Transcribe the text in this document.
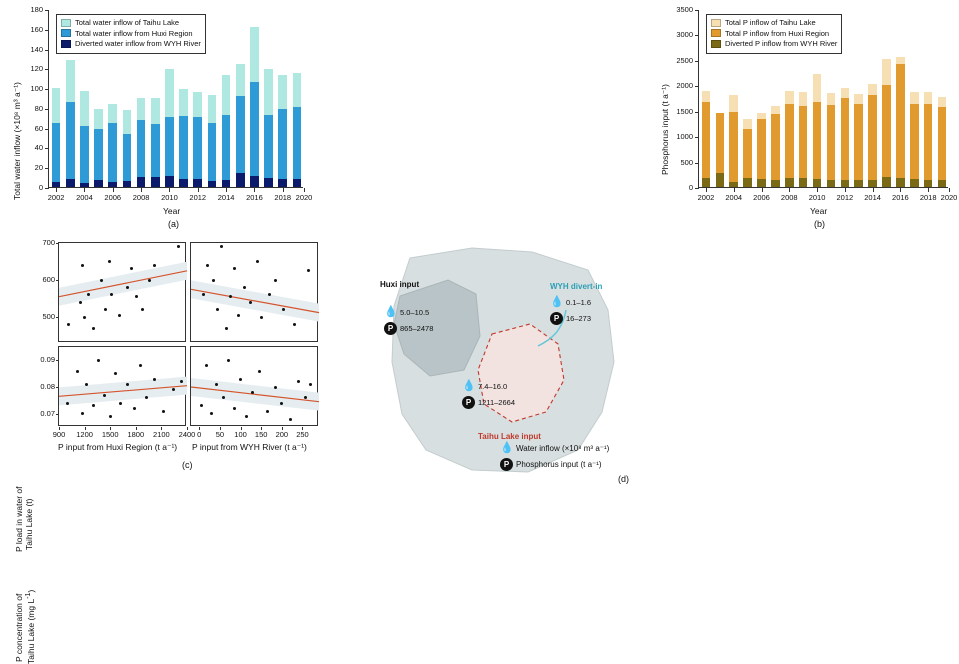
Total water inflow (×10⁸ m³ a⁻¹)	0
20
40
60
80
100
120
140
160
180
2002 2004 2006 2008 2010 2012 2014 2016 2018 2020
Year
(a)
Total water inflow of Taihu Lake
Total water inflow from Huxi Region
Diverted water inflow from WYH River
Phosphorus input (t a⁻¹)
0
500
1000
1500
2000
2500
3000
3500
2002 2004 2006 2008 2010 2012 2014 2016 2018 2020
Year
(b)
Total P inflow of Taihu Lake
Total P inflow from Huxi Region
Diverted P inflow from WYH River
P load in water of Taihu Lake (t)
P concentration of Taihu Lake (mg $L^{-1}$)
500
600
700
0.07
0.08
0.09
900	1200	1500	1800	2100	2400 0	50	100	150	200	250
P input from Huxi Region (t a⁻¹) P input from WYH River (t a⁻¹)
(c)
Huxi input	WYH divert-in
Taihu Lake input
💧 5.0–10.5
P 865–2478
💧 0.1–1.6
P 16–273
💧 7.4–16.0
P 1211–2664
💧 Water inflow (×10⁸ m³ a⁻¹)
P Phosphorus input (t a⁻¹)
(d)
